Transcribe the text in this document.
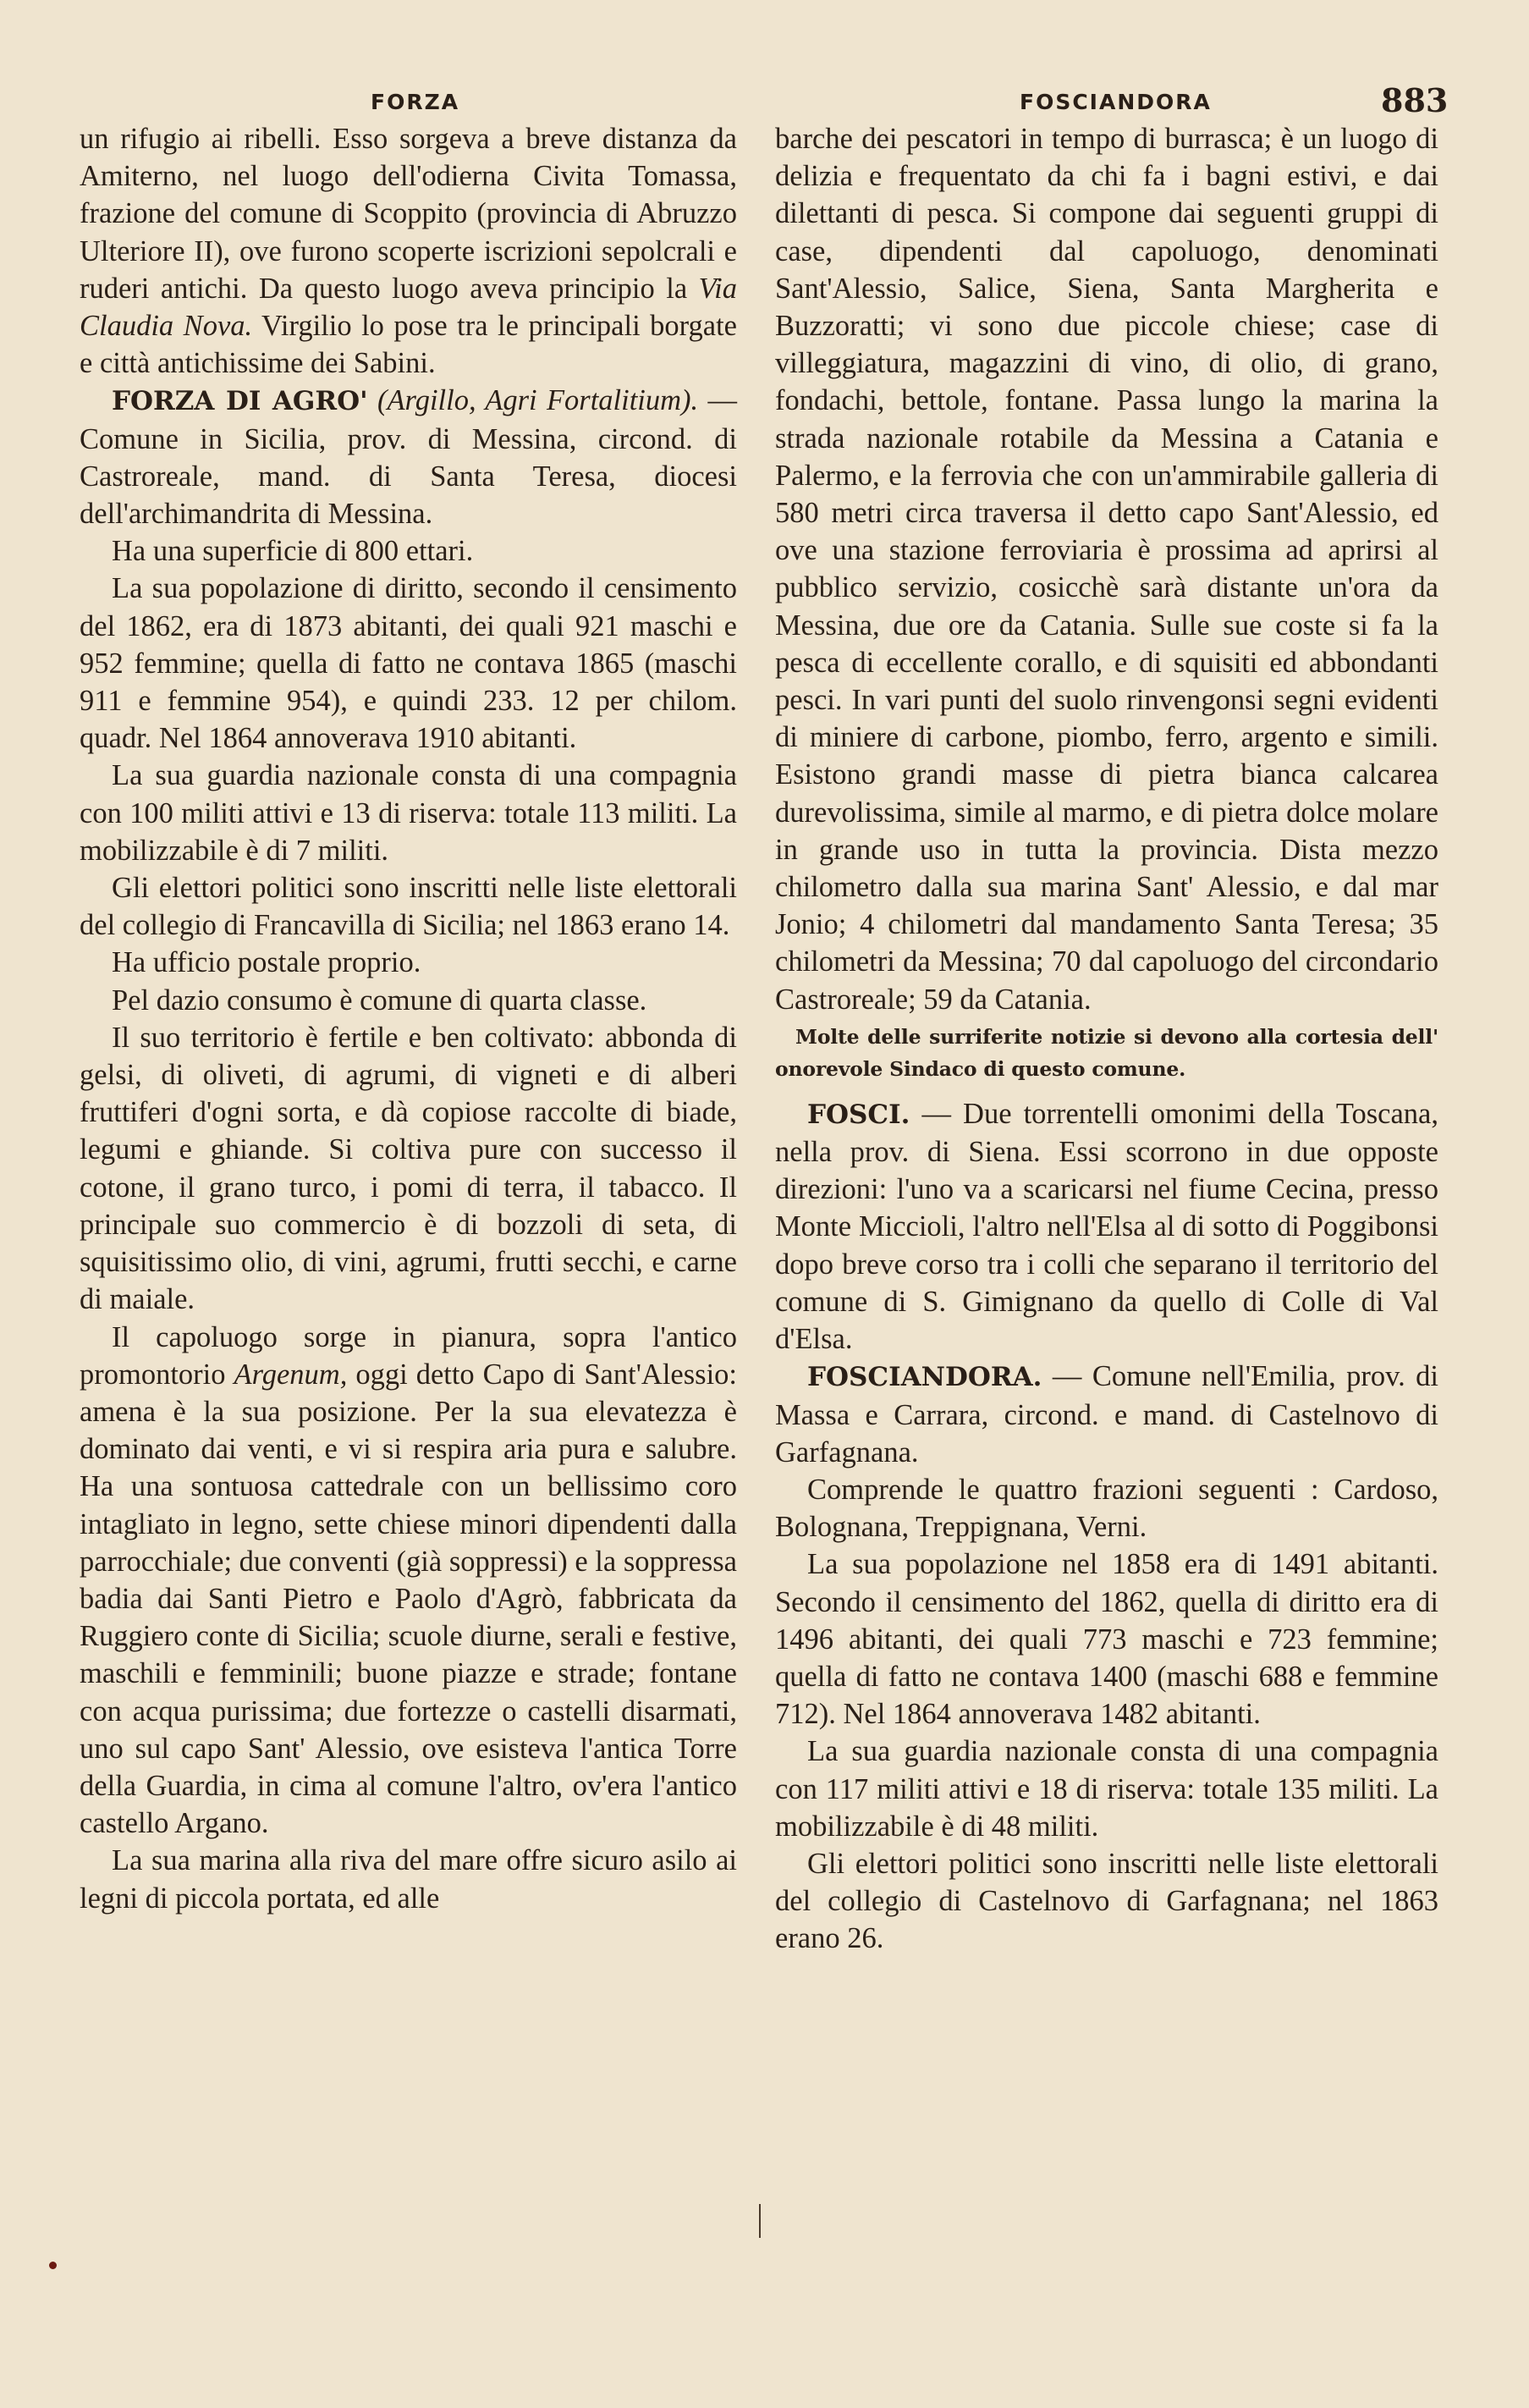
FORZA	FOSCIANDORA	883

un rifugio ai ribelli. Esso sorgeva a breve distanza da Amiterno, nel luogo dell'odierna Civita Tomassa, frazione del comune di Scoppito (provincia di Abruzzo Ulteriore II), ove furono scoperte iscrizioni sepolcrali e ruderi antichi. Da questo luogo aveva principio la Via Claudia Nova. Virgilio lo pose tra le principali borgate e città antichissime dei Sabini.

FORZA DI AGRO' (Argillo, Agri Fortalitium). — Comune in Sicilia, prov. di Messina, circond. di Castroreale, mand. di Santa Teresa, diocesi dell'archimandrita di Messina.

Ha una superficie di 800 ettari.

La sua popolazione di diritto, secondo il censimento del 1862, era di 1873 abitanti, dei quali 921 maschi e 952 femmine; quella di fatto ne contava 1865 (maschi 911 e femmine 954), e quindi 233. 12 per chilom. quadr. Nel 1864 annoverava 1910 abitanti.

La sua guardia nazionale consta di una compagnia con 100 militi attivi e 13 di riserva: totale 113 militi. La mobilizzabile è di 7 militi.

Gli elettori politici sono inscritti nelle liste elettorali del collegio di Francavilla di Sicilia; nel 1863 erano 14.

Ha ufficio postale proprio.

Pel dazio consumo è comune di quarta classe.

Il suo territorio è fertile e ben coltivato: abbonda di gelsi, di oliveti, di agrumi, di vigneti e di alberi fruttiferi d'ogni sorta, e dà copiose raccolte di biade, legumi e ghiande. Si coltiva pure con successo il cotone, il grano turco, i pomi di terra, il tabacco. Il principale suo commercio è di bozzoli di seta, di squisitissimo olio, di vini, agrumi, frutti secchi, e carne di maiale.

Il capoluogo sorge in pianura, sopra l'antico promontorio Argenum, oggi detto Capo di Sant'Alessio: amena è la sua posizione. Per la sua elevatezza è dominato dai venti, e vi si respira aria pura e salubre. Ha una sontuosa cattedrale con un bellissimo coro intagliato in legno, sette chiese minori dipendenti dalla parrocchiale; due conventi (già soppressi) e la soppressa badia dai Santi Pietro e Paolo d'Agrò, fabbricata da Ruggiero conte di Sicilia; scuole diurne, serali e festive, maschili e femminili; buone piazze e strade; fontane con acqua purissima; due fortezze o castelli disarmati, uno sul capo Sant' Alessio, ove esisteva l'antica Torre della Guardia, in cima al comune l'altro, ov'era l'antico castello Argano.

La sua marina alla riva del mare offre sicuro asilo ai legni di piccola portata, ed alle

barche dei pescatori in tempo di burrasca; è un luogo di delizia e frequentato da chi fa i bagni estivi, e dai dilettanti di pesca. Si compone dai seguenti gruppi di case, dipendenti dal capoluogo, denominati Sant'Alessio, Salice, Siena, Santa Margherita e Buzzoratti; vi sono due piccole chiese; case di villeggiatura, magazzini di vino, di olio, di grano, fondachi, bettole, fontane. Passa lungo la marina la strada nazionale rotabile da Messina a Catania e Palermo, e la ferrovia che con un'ammirabile galleria di 580 metri circa traversa il detto capo Sant'Alessio, ed ove una stazione ferroviaria è prossima ad aprirsi al pubblico servizio, cosicchè sarà distante un'ora da Messina, due ore da Catania. Sulle sue coste si fa la pesca di eccellente corallo, e di squisiti ed abbondanti pesci. In vari punti del suolo rinvengonsi segni evidenti di miniere di carbone, piombo, ferro, argento e simili. Esistono grandi masse di pietra bianca calcarea durevolissima, simile al marmo, e di pietra dolce molare in grande uso in tutta la provincia. Dista mezzo chilometro dalla sua marina Sant' Alessio, e dal mar Jonio; 4 chilometri dal mandamento Santa Teresa; 35 chilometri da Messina; 70 dal capoluogo del circondario Castroreale; 59 da Catania.

Molte delle surriferite notizie si devono alla cortesia dell' onorevole Sindaco di questo comune.

FOSCI. — Due torrentelli omonimi della Toscana, nella prov. di Siena. Essi scorrono in due opposte direzioni: l'uno va a scaricarsi nel fiume Cecina, presso Monte Miccioli, l'altro nell'Elsa al di sotto di Poggibonsi dopo breve corso tra i colli che separano il territorio del comune di S. Gimignano da quello di Colle di Val d'Elsa.

FOSCIANDORA. — Comune nell'Emilia, prov. di Massa e Carrara, circond. e mand. di Castelnovo di Garfagnana.

Comprende le quattro frazioni seguenti : Cardoso, Bolognana, Treppignana, Verni.

La sua popolazione nel 1858 era di 1491 abitanti. Secondo il censimento del 1862, quella di diritto era di 1496 abitanti, dei quali 773 maschi e 723 femmine; quella di fatto ne contava 1400 (maschi 688 e femmine 712). Nel 1864 annoverava 1482 abitanti.

La sua guardia nazionale consta di una compagnia con 117 militi attivi e 18 di riserva: totale 135 militi. La mobilizzabile è di 48 militi.

Gli elettori politici sono inscritti nelle liste elettorali del collegio di Castelnovo di Garfagnana; nel 1863 erano 26.
